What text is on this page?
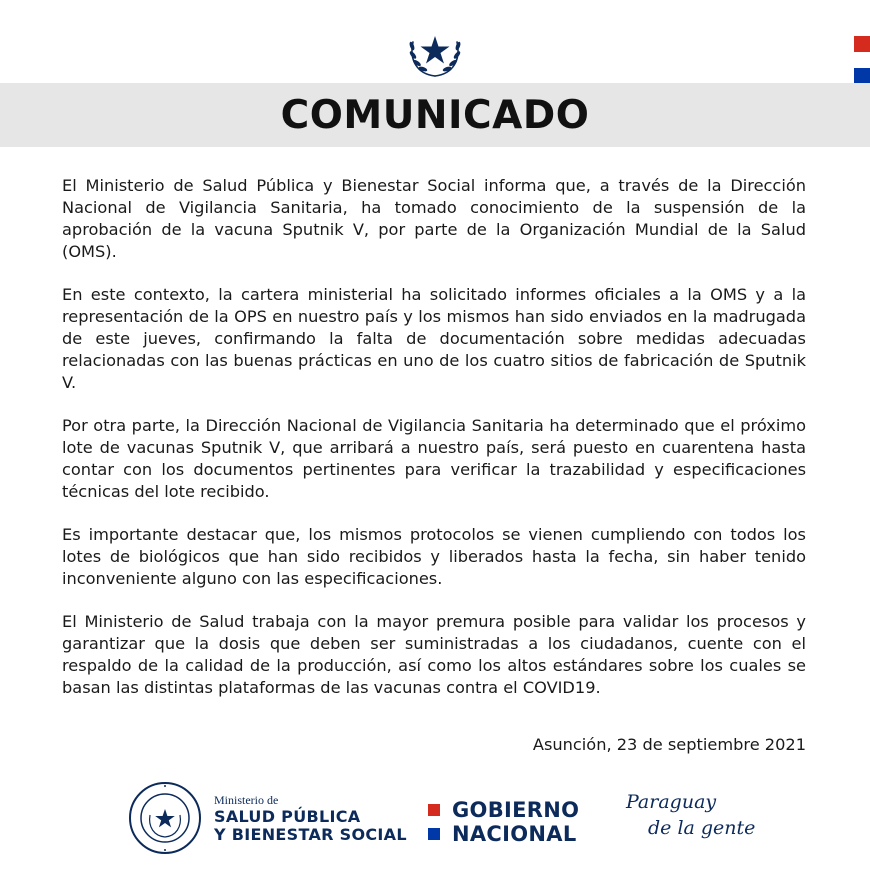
COMUNICADO

El Ministerio de Salud Pública y Bienestar Social informa que, a través de la Dirección Nacional de Vigilancia Sanitaria, ha tomado conocimiento de la suspensión de la aprobación de la vacuna Sputnik V, por parte de la Organización Mundial de la Salud (OMS).

En este contexto, la cartera ministerial ha solicitado informes oficiales a la OMS y a la representación de la OPS en nuestro país y los mismos han sido enviados en la madrugada de este jueves, confirmando la falta de documentación sobre medidas adecuadas relacionadas con las buenas prácticas en uno de los cuatro sitios de fabricación de Sputnik V.

Por otra parte, la Dirección Nacional de Vigilancia Sanitaria ha determinado que el próximo lote de vacunas Sputnik V, que arribará a nuestro país, será puesto en cuarentena hasta contar con los documentos pertinentes para verificar la trazabilidad y especificaciones técnicas del lote recibido.

Es importante destacar que, los mismos protocolos se vienen cumpliendo con todos los lotes de biológicos que han sido recibidos y liberados hasta la fecha, sin haber tenido inconveniente alguno con las especificaciones.

El Ministerio de Salud trabaja con la mayor premura posible para validar los procesos y garantizar que la dosis que deben ser suministradas a los ciudadanos, cuente con el respaldo de la calidad de la producción, así como los altos estándares sobre los cuales se basan las distintas plataformas de las vacunas contra el COVID19.

Asunción, 23 de septiembre 2021
Ministerio de
SALUD PÚBLICA
Y BIENESTAR SOCIAL
GOBIERNO
NACIONAL
Paraguay
de la gente
